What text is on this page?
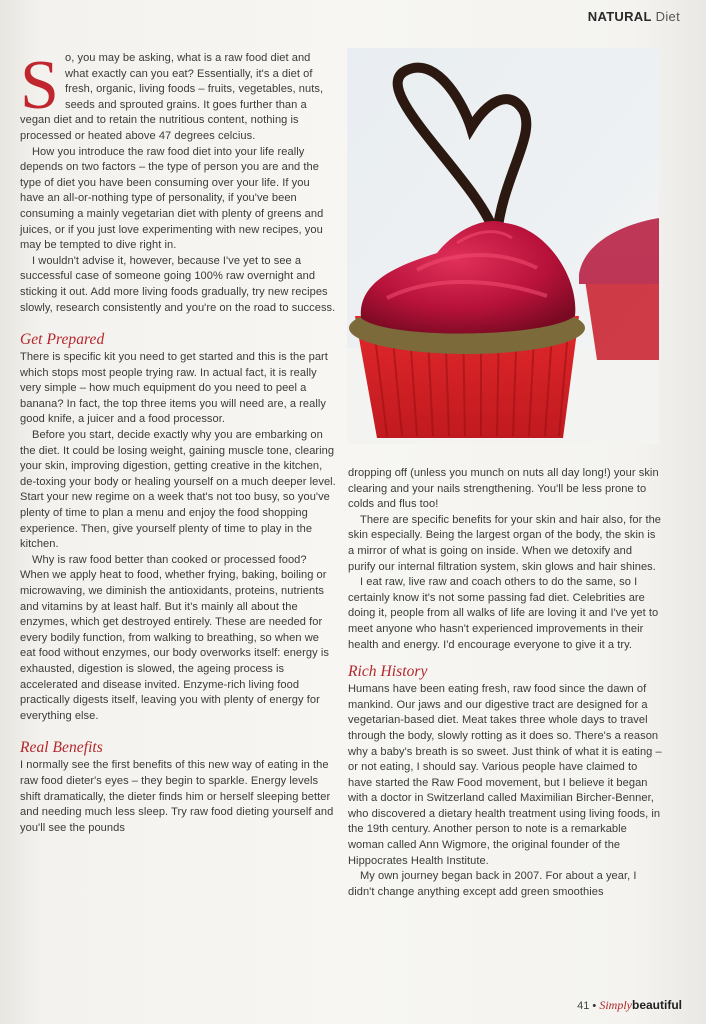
NATURAL Diet

So, you may be asking, what is a raw food diet and what exactly can you eat? Essentially, it's a diet of fresh, organic, living foods – fruits, vegetables, nuts, seeds and sprouted grains. It goes further than a vegan diet and to retain the nutritious content, nothing is processed or heated above 47 degrees celcius.

How you introduce the raw food diet into your life really depends on two factors – the type of person you are and the type of diet you have been consuming over your life. If you have an all-or-nothing type of personality, if you've been consuming a mainly vegetarian diet with plenty of greens and juices, or if you just love experimenting with new recipes, you may be tempted to dive right in.

I wouldn't advise it, however, because I've yet to see a successful case of someone going 100% raw overnight and sticking it out. Add more living foods gradually, try new recipes slowly, research consistently and you're on the road to success.

Get Prepared

There is specific kit you need to get started and this is the part which stops most people trying raw. In actual fact, it is really very simple – how much equipment do you need to peel a banana? In fact, the top three items you will need are, a really good knife, a juicer and a food processor.

Before you start, decide exactly why you are embarking on the diet. It could be losing weight, gaining muscle tone, clearing your skin, improving digestion, getting creative in the kitchen, de-toxing your body or healing yourself on a much deeper level. Start your new regime on a week that's not too busy, so you've plenty of time to plan a menu and enjoy the food shopping experience. Then, give yourself plenty of time to play in the kitchen.

Why is raw food better than cooked or processed food? When we apply heat to food, whether frying, baking, boiling or microwaving, we diminish the antioxidants, proteins, nutrients and vitamins by at least half. But it's mainly all about the enzymes, which get destroyed entirely. These are needed for every bodily function, from walking to breathing, so when we eat food without enzymes, our body overworks itself: energy is exhausted, digestion is slowed, the ageing process is accelerated and disease invited. Enzyme-rich living food practically digests itself, leaving you with plenty of energy for everything else.

Real Benefits

I normally see the first benefits of this new way of eating in the raw food dieter's eyes – they begin to sparkle. Energy levels shift dramatically, the dieter finds him or herself sleeping better and needing much less sleep. Try raw food dieting yourself and you'll see the pounds

dropping off (unless you munch on nuts all day long!) your skin clearing and your nails strengthening. You'll be less prone to colds and flus too!

There are specific benefits for your skin and hair also, for the skin especially. Being the largest organ of the body, the skin is a mirror of what is going on inside. When we detoxify and purify our internal filtration system, skin glows and hair shines.

I eat raw, live raw and coach others to do the same, so I certainly know it's not some passing fad diet. Celebrities are doing it, people from all walks of life are loving it and I've yet to meet anyone who hasn't experienced improvements in their health and energy. I'd encourage everyone to give it a try.

Rich History

Humans have been eating fresh, raw food since the dawn of mankind. Our jaws and our digestive tract are designed for a vegetarian-based diet. Meat takes three whole days to travel through the body, slowly rotting as it does so. There's a reason why a baby's breath is so sweet. Just think of what it is eating – or not eating, I should say. Various people have claimed to have started the Raw Food movement, but I believe it began with a doctor in Switzerland called Maximilian Bircher-Benner, who discovered a dietary health treatment using living foods, in the 19th century. Another person to note is a remarkable woman called Ann Wigmore, the original founder of the Hippocrates Health Institute.

My own journey began back in 2007. For about a year, I didn't change anything except add green smoothies

41 • Simplybeautiful
